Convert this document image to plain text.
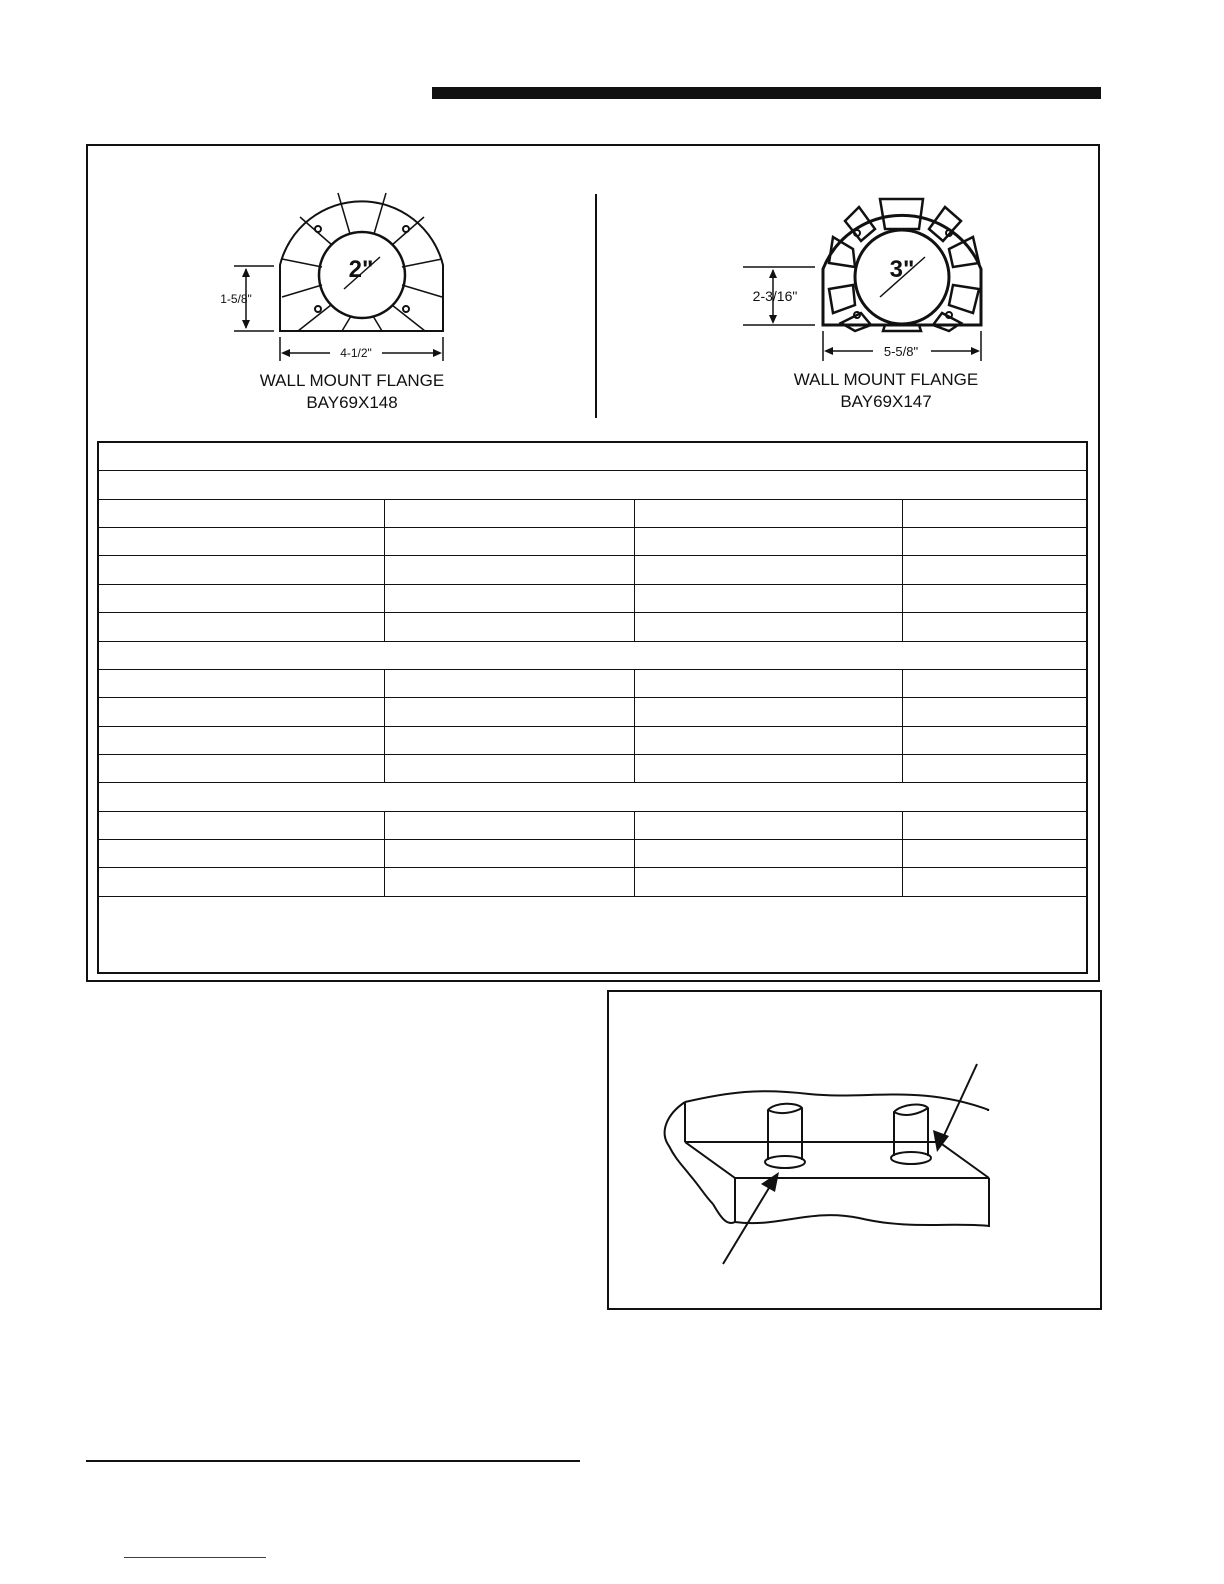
2"
1-5/8"
4-1/2"
WALL MOUNT FLANGE
BAY69X148
3"
2-3/16"
5-5/8"
WALL MOUNT FLANGE
BAY69X147
